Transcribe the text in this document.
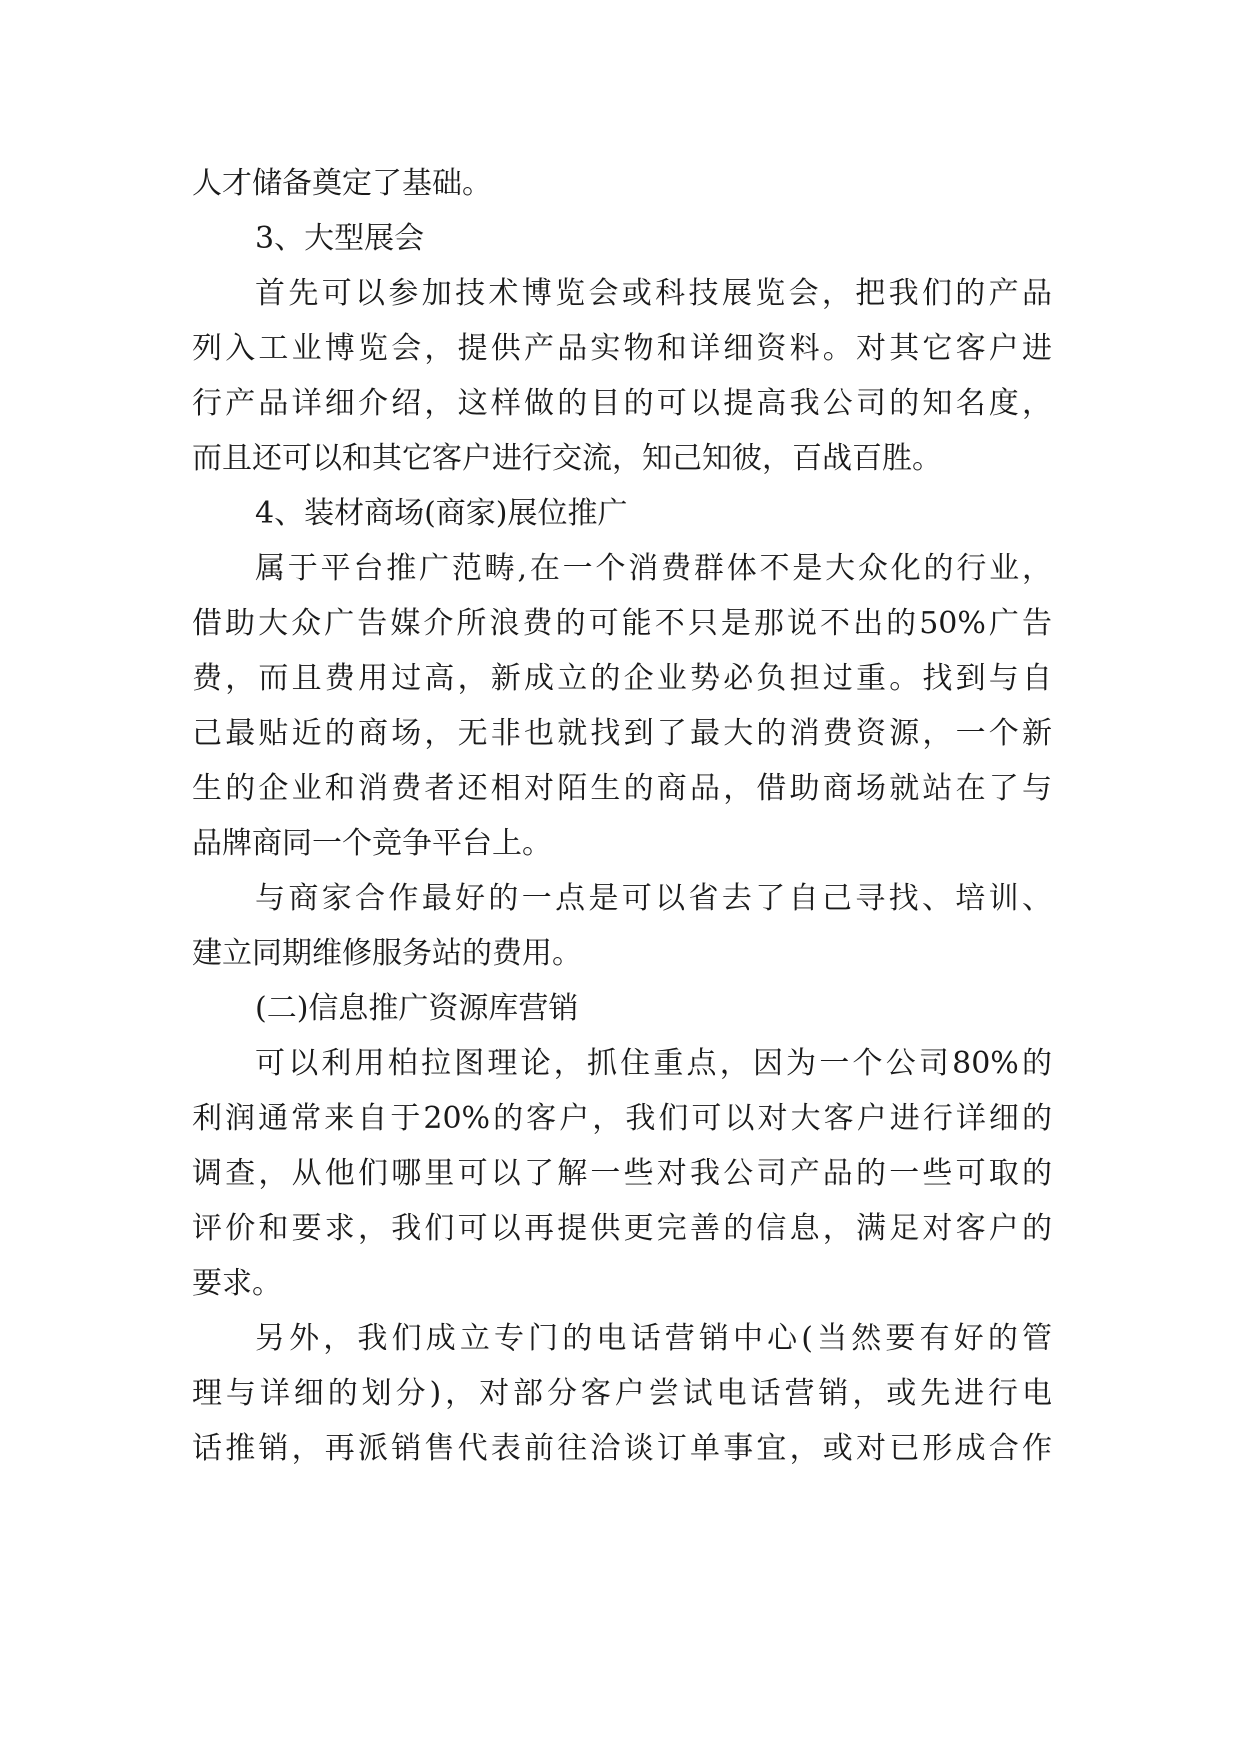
人才储备奠定了基础。
3、大型展会
首先可以参加技术博览会或科技展览会，把我们的产品
列入工业博览会，提供产品实物和详细资料。对其它客户进
行产品详细介绍，这样做的目的可以提高我公司的知名度，
而且还可以和其它客户进行交流，知己知彼，百战百胜。
4、装材商场(商家)展位推广
属于平台推广范畴,在一个消费群体不是大众化的行业，
借助大众广告媒介所浪费的可能不只是那说不出的50%广告
费，而且费用过高，新成立的企业势必负担过重。找到与自
己最贴近的商场，无非也就找到了最大的消费资源，一个新
生的企业和消费者还相对陌生的商品，借助商场就站在了与
品牌商同一个竞争平台上。
与商家合作最好的一点是可以省去了自己寻找、培训、
建立同期维修服务站的费用。
(二)信息推广资源库营销
可以利用柏拉图理论，抓住重点，因为一个公司80%的
利润通常来自于20%的客户，我们可以对大客户进行详细的
调查，从他们哪里可以了解一些对我公司产品的一些可取的
评价和要求，我们可以再提供更完善的信息，满足对客户的
要求。
另外，我们成立专门的电话营销中心(当然要有好的管
理与详细的划分)，对部分客户尝试电话营销，或先进行电
话推销，再派销售代表前往洽谈订单事宜，或对已形成合作
